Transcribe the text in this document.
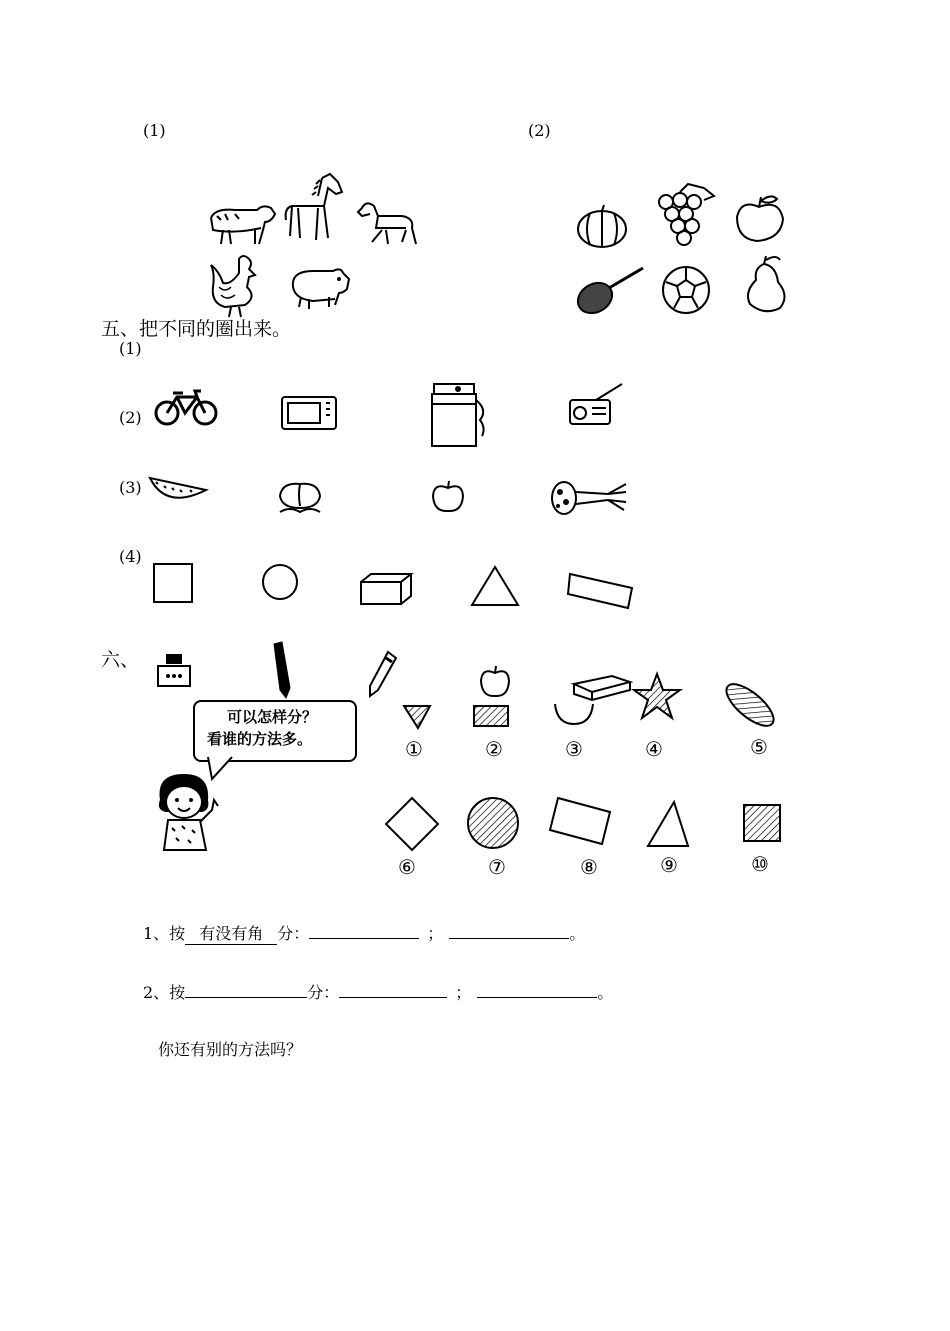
(1)	(2)
五、把不同的圈出来。
(1)
(2)
(3)
(4)
六、
可以怎样分？
看谁的方法多。	①	②	③	④	⑤
⑥	⑦	⑧	⑨	⑩
1、按 有没有角 分：	；	。
2、按	分：	；	。
你还有别的方法吗？
